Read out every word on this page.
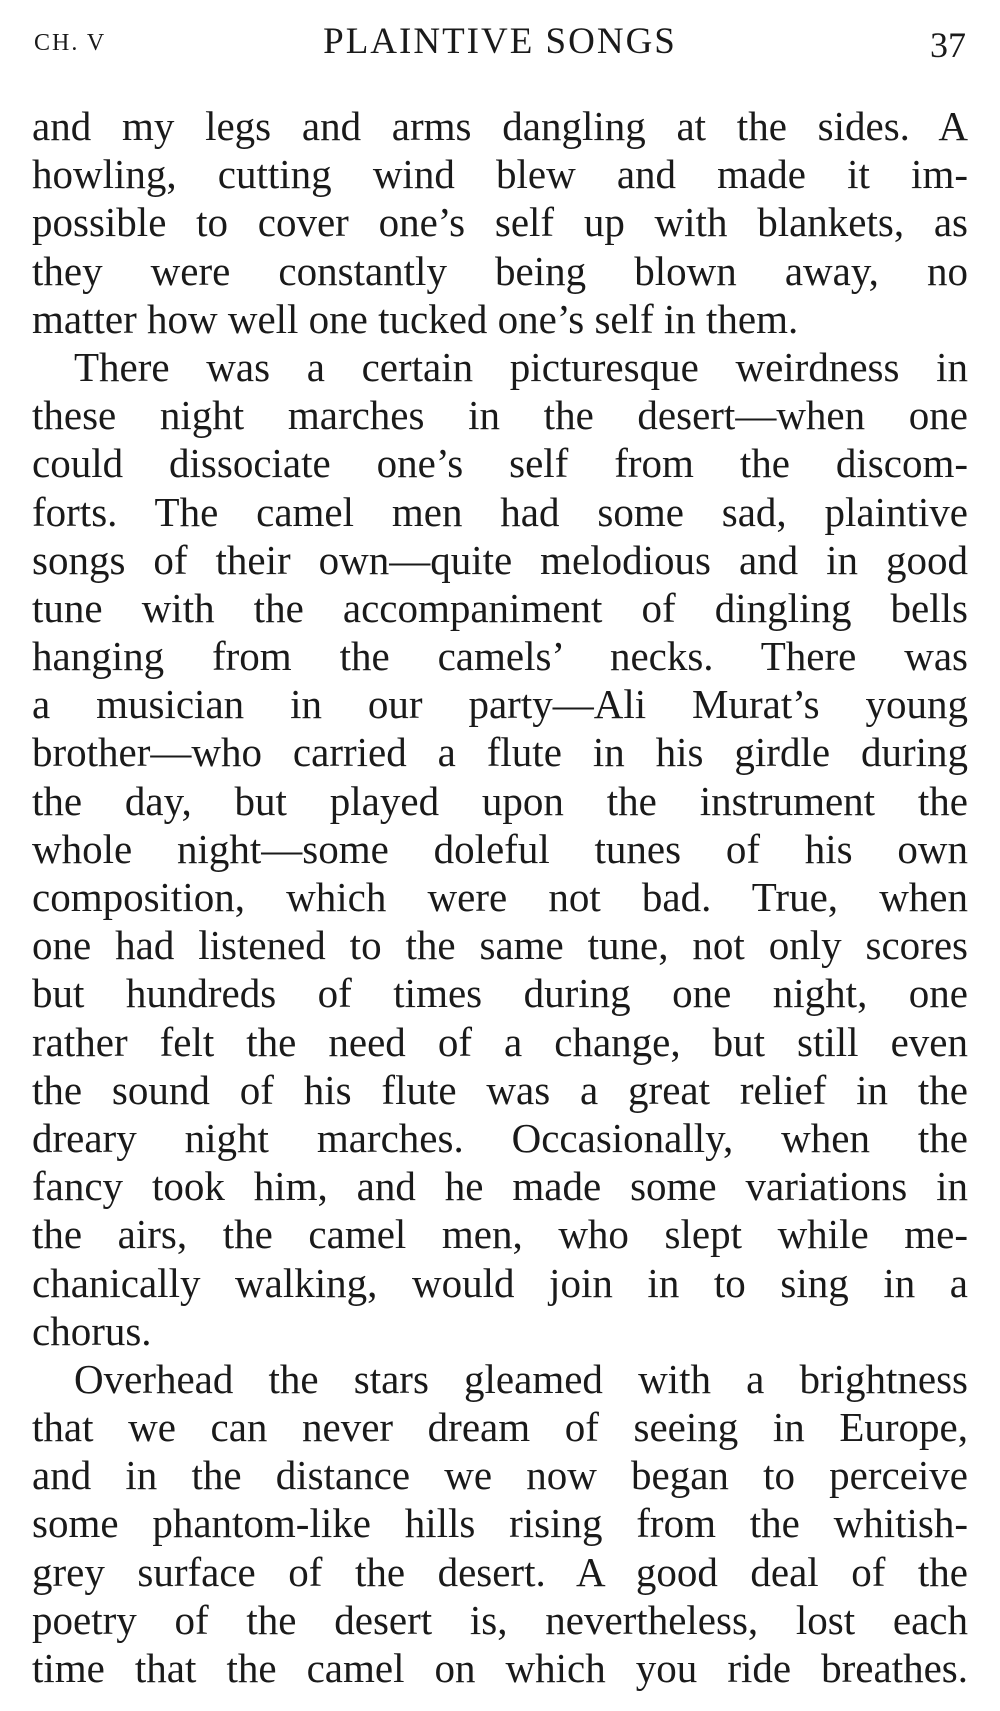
CH. V	PLAINTIVE SONGS	37
and my legs and arms dangling at the sides. A
howling, cutting wind blew and made it im-
possible to cover one’s self up with blankets, as
they were constantly being blown away, no
matter how well one tucked one’s self in them.
There was a certain picturesque weirdness in
these night marches in the desert—when one
could dissociate one’s self from the discom-
forts. The camel men had some sad, plaintive
songs of their own—quite melodious and in good
tune with the accompaniment of dingling bells
hanging from the camels’ necks. There was
a musician in our party—Ali Murat’s young
brother—who carried a flute in his girdle during
the day, but played upon the instrument the
whole night—some doleful tunes of his own
composition, which were not bad. True, when
one had listened to the same tune, not only scores
but hundreds of times during one night, one
rather felt the need of a change, but still even
the sound of his flute was a great relief in the
dreary night marches. Occasionally, when the
fancy took him, and he made some variations in
the airs, the camel men, who slept while me-
chanically walking, would join in to sing in a
chorus.
Overhead the stars gleamed with a brightness
that we can never dream of seeing in Europe,
and in the distance we now began to perceive
some phantom-like hills rising from the whitish-
grey surface of the desert. A good deal of the
poetry of the desert is, nevertheless, lost each
time that the camel on which you ride breathes.
